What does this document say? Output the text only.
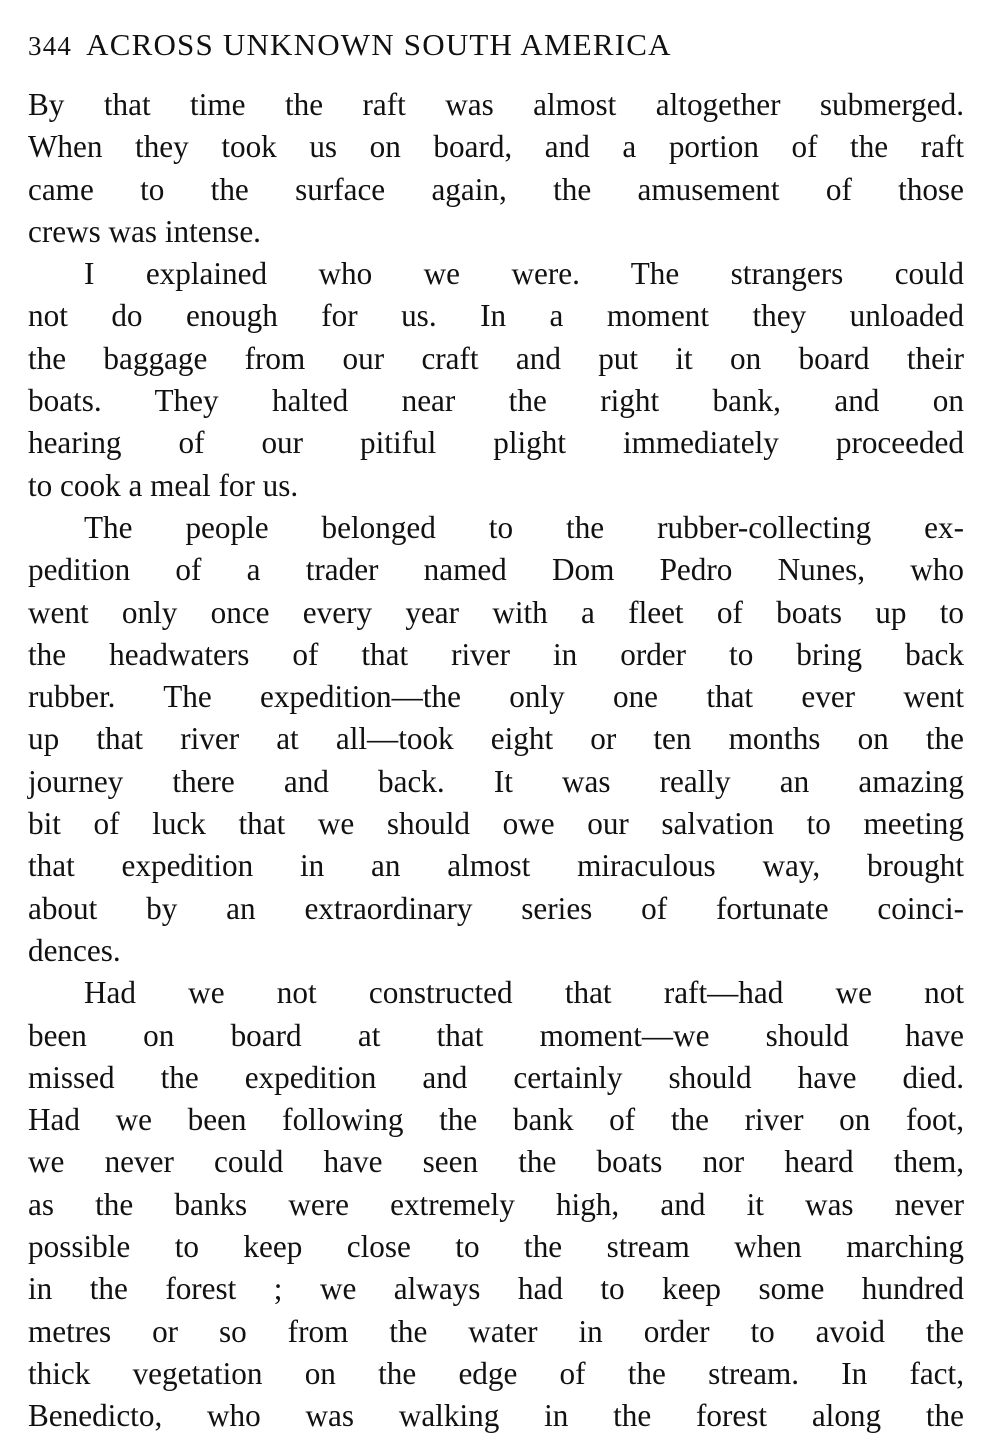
344 ACROSS UNKNOWN SOUTH AMERICA

By that time the raft was almost altogether submerged.
When they took us on board, and a portion of the raft
came to the surface again, the amusement of those
crews was intense.

I explained who we were. The strangers could
not do enough for us. In a moment they unloaded
the baggage from our craft and put it on board their
boats. They halted near the right bank, and on
hearing of our pitiful plight immediately proceeded
to cook a meal for us.

The people belonged to the rubber-collecting ex-
pedition of a trader named Dom Pedro Nunes, who
went only once every year with a fleet of boats up to
the headwaters of that river in order to bring back
rubber. The expedition—the only one that ever went
up that river at all—took eight or ten months on the
journey there and back. It was really an amazing
bit of luck that we should owe our salvation to meeting
that expedition in an almost miraculous way, brought
about by an extraordinary series of fortunate coinci-
dences.

Had we not constructed that raft—had we not
been on board at that moment—we should have
missed the expedition and certainly should have died.
Had we been following the bank of the river on foot,
we never could have seen the boats nor heard them,
as the banks were extremely high, and it was never
possible to keep close to the stream when marching
in the forest ; we always had to keep some hundred
metres or so from the water in order to avoid the
thick vegetation on the edge of the stream. In fact,
Benedicto, who was walking in the forest along the
